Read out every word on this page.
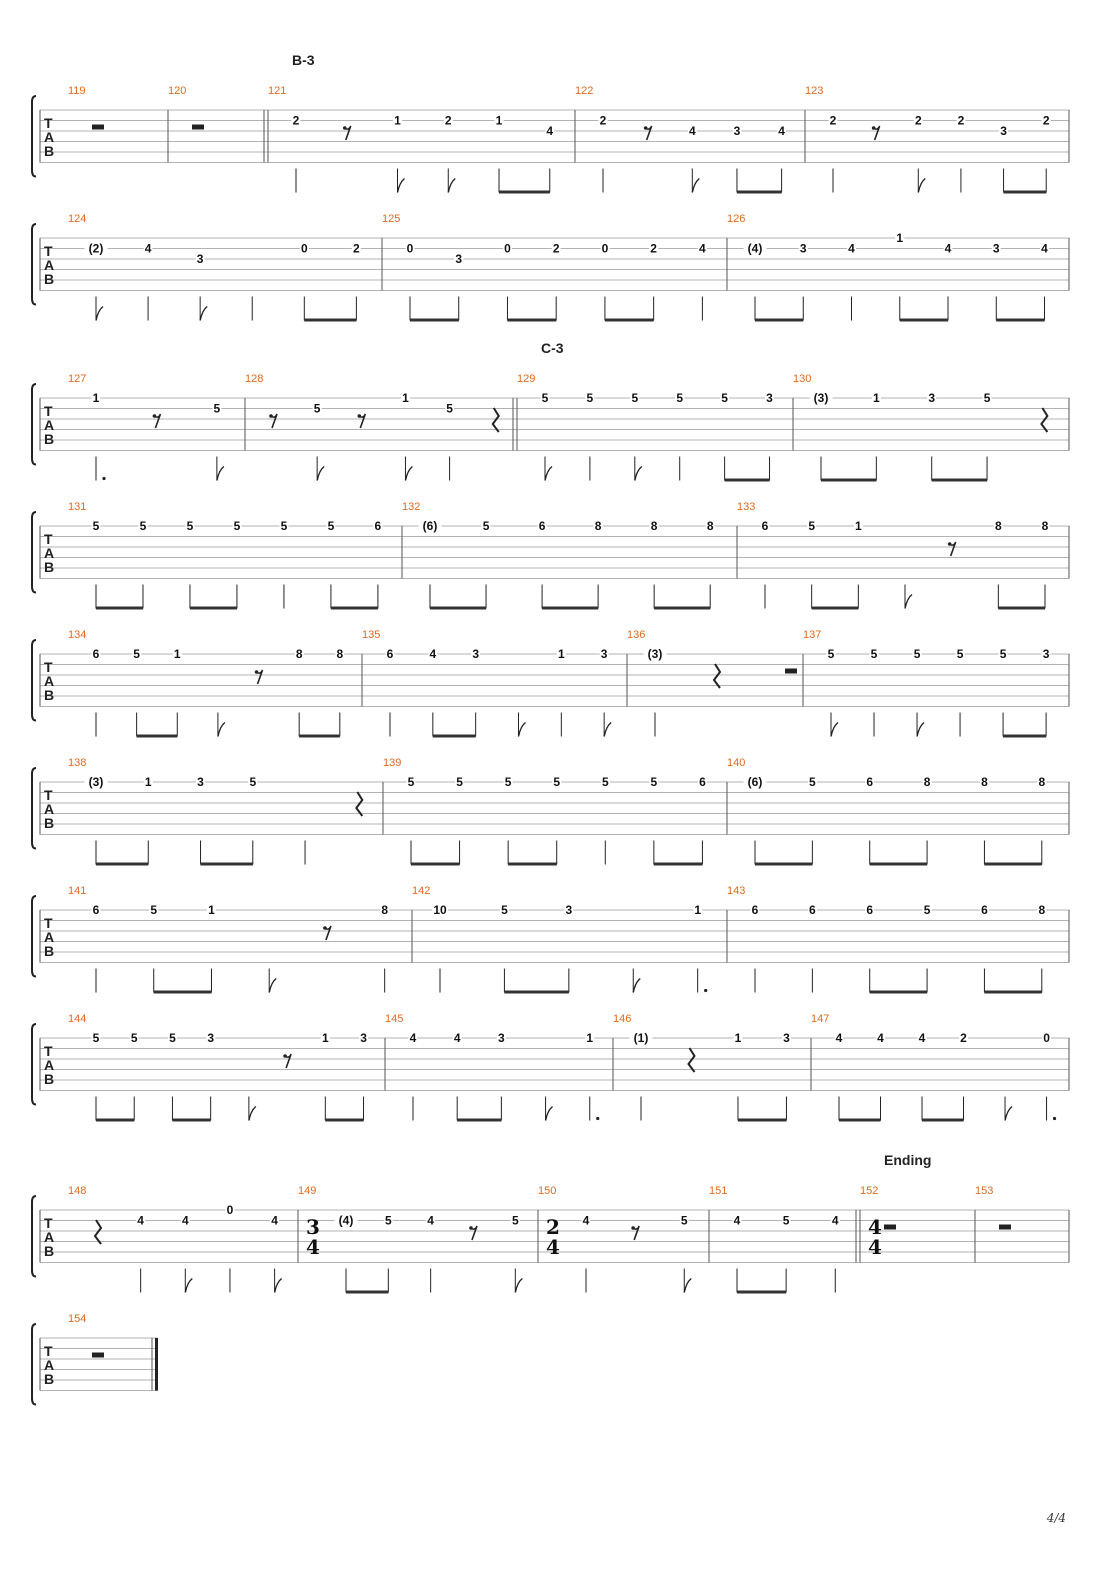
T
A
B
119	120
B-3
121
2	1	2	1
4
122
2
4	3	4
123
2	2	2
3
2
T
A
B
124
(2)	4
3
0	2
125
0
3
0	2	0	2	4
126
(4)	3	4
1
4	3	4
T
A
B
127
1
5
128
5
1
5
C-3
129
5	5	5	5	5	3
130
(3)	1	3	5
T
A
B
131
5	5	5	5	5	5	6
132
(6)	5	6	8	8	8
133
6	5	1	8	8
T
A
B
134
6	5	1	8	8
135
6	4	3	1	3
136
(3)
137
5	5	5	5	5	3
T
A
B
138
(3)	1	3	5
139
5	5	5	5	5	5	6
140
(6)	5	6	8	8	8
T
A
B
141
6	5	1	8
142
10	5	3	1
143
6	6	6	5	6	8
T
A
B
144
5	5	5	3	1	3
145
4	4	3	1
146
(1)	1	3
147
4	4	4	2	0
T
A
B
148
4	4
0
4
149
3
4
(4)	5	4	5
150
2
4
4	5
151
4	5	4
Ending
152
4
4
153
T
A
B
154
4/4
